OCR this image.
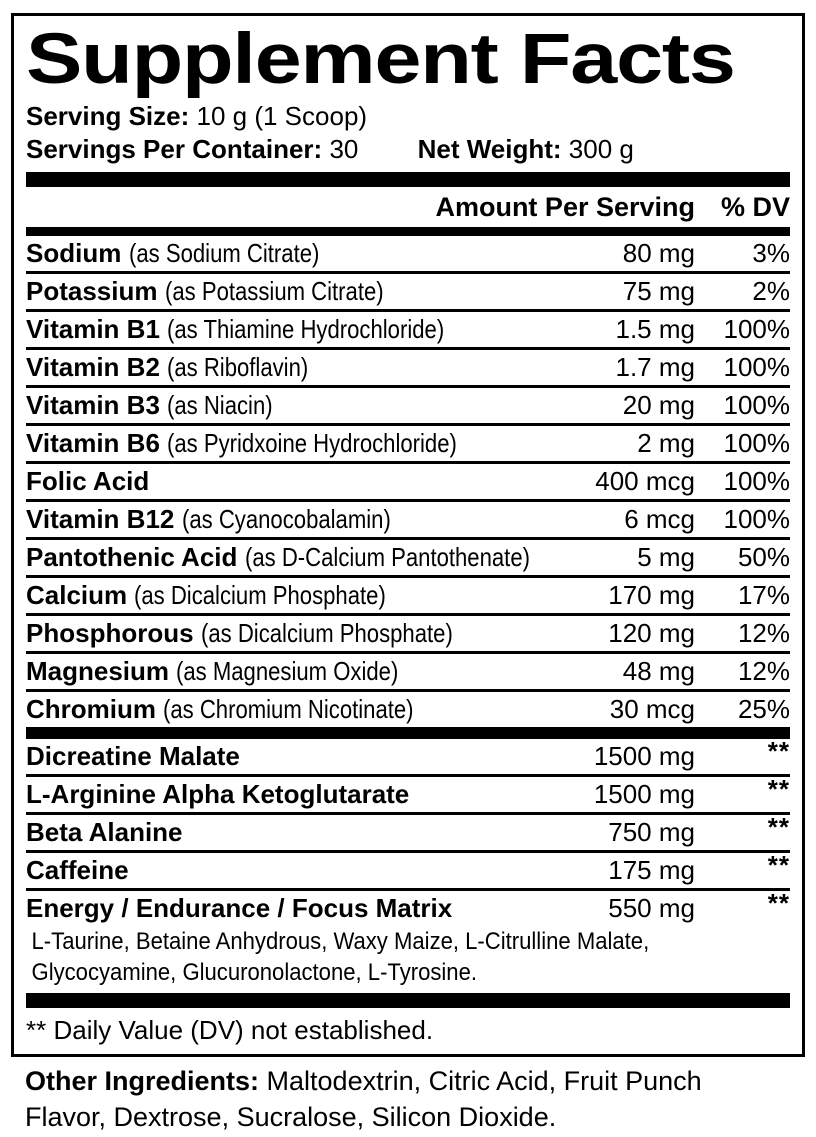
Supplement Facts
Serving Size: 10 g (1 Scoop)
Servings Per Container: 30 Net Weight: 300 g
Amount Per Serving % DV
Sodium (as Sodium Citrate)	80 mg	3%
Potassium (as Potassium Citrate)	75 mg	2%
Vitamin B1 (as Thiamine Hydrochloride)	1.5 mg	100%
Vitamin B2 (as Riboflavin)	1.7 mg	100%
Vitamin B3 (as Niacin)	20 mg	100%
Vitamin B6 (as Pyridxoine Hydrochloride)	2 mg	100%
Folic Acid	400 mcg	100%
Vitamin B12 (as Cyanocobalamin)	6 mcg	100%
Pantothenic Acid (as D-Calcium Pantothenate)	5 mg	50%
Calcium (as Dicalcium Phosphate)	170 mg	17%
Phosphorous (as Dicalcium Phosphate)	120 mg	12%
Magnesium (as Magnesium Oxide)	48 mg	12%
Chromium (as Chromium Nicotinate)	30 mcg	25%
Dicreatine Malate	1500 mg	**
L-Arginine Alpha Ketoglutarate	1500 mg	**
Beta Alanine	750 mg	**
Caffeine	175 mg	**
Energy / Endurance / Focus Matrix	550 mg	**
L-Taurine, Betaine Anhydrous, Waxy Maize, L-Citrulline Malate, Glycocyamine, Glucuronolactone, L-Tyrosine.
** Daily Value (DV) not established.
Other Ingredients: Maltodextrin, Citric Acid, Fruit Punch Flavor, Dextrose, Sucralose, Silicon Dioxide.
